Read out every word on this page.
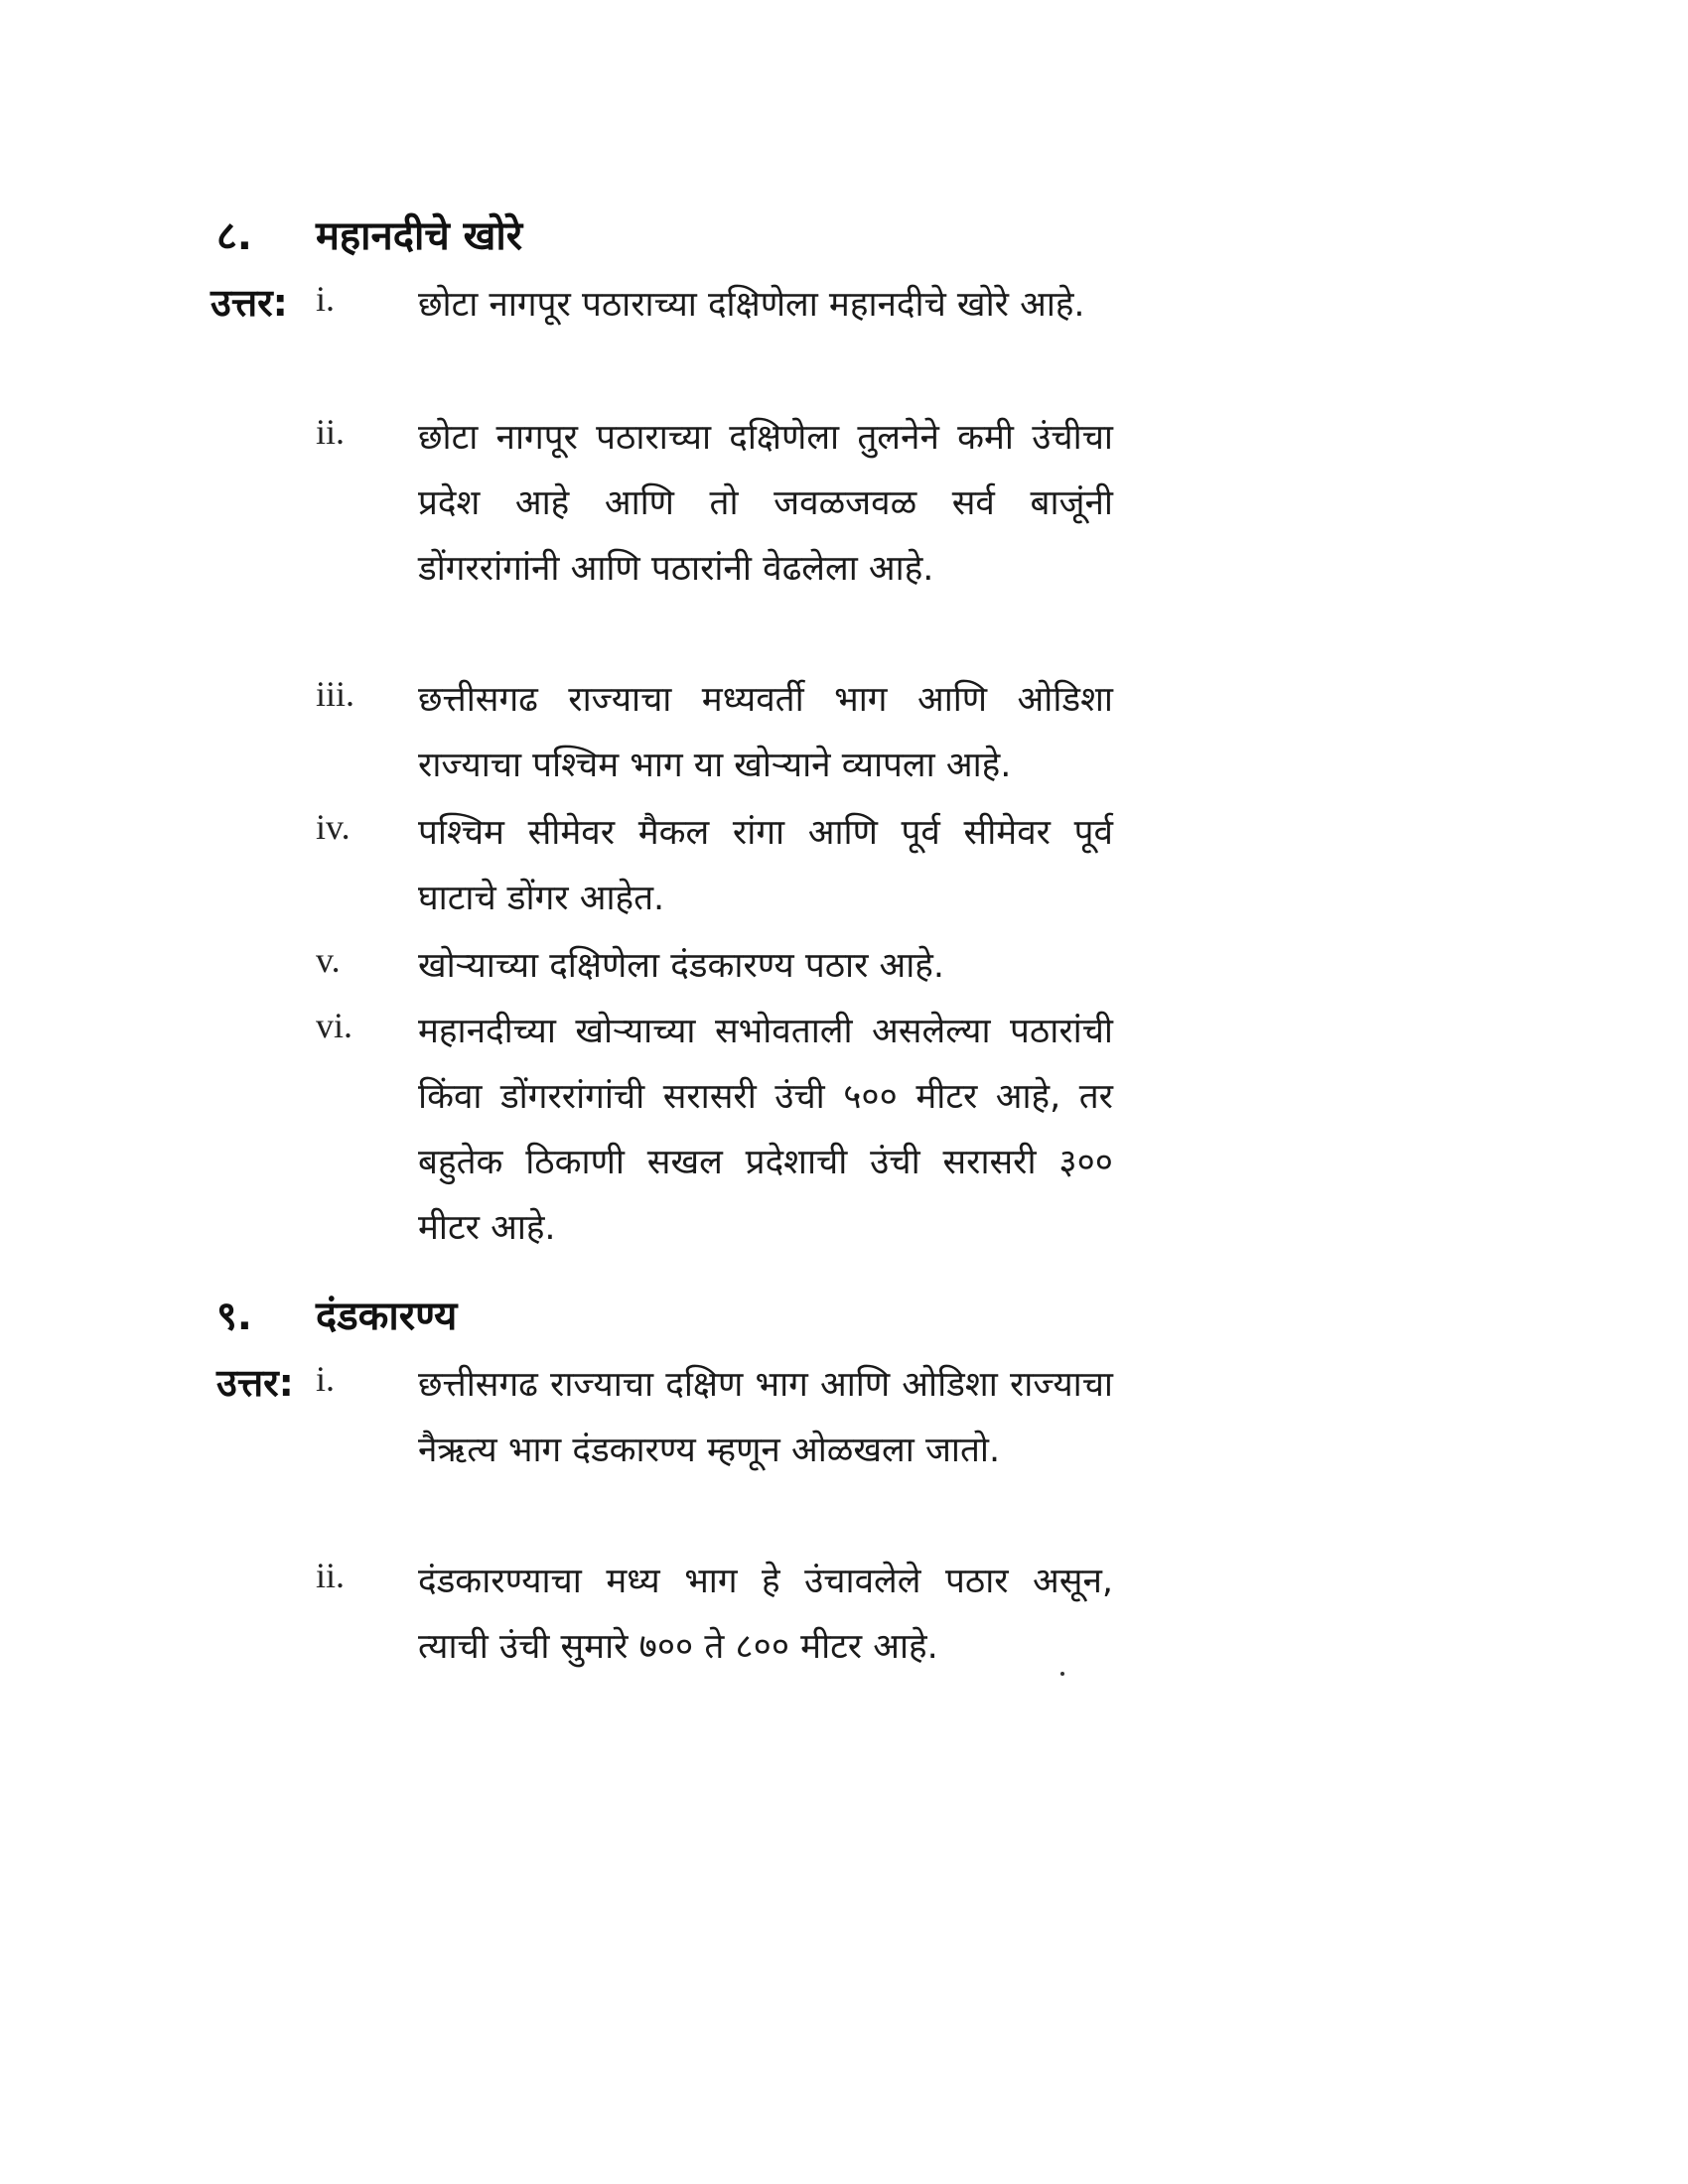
८.	महानदीचे खोरे
उत्तर: i. छोटा नागपूर पठाराच्या दक्षिणेला महानदीचे खोरे आहे.
ii. छोटा नागपूर पठाराच्या दक्षिणेला तुलनेने कमी उंचीचा प्रदेश आहे आणि तो जवळजवळ सर्व बाजूंनी डोंगररांगांनी आणि पठारांनी वेढलेला आहे.
iii. छत्तीसगढ राज्याचा मध्यवर्ती भाग आणि ओडिशा राज्याचा पश्चिम भाग या खोऱ्याने व्यापला आहे.
iv. पश्चिम सीमेवर मैकल रांगा आणि पूर्व सीमेवर पूर्व घाटाचे डोंगर आहेत.
v. खोऱ्याच्या दक्षिणेला दंडकारण्य पठार आहे.
vi. महानदीच्या खोऱ्याच्या सभोवताली असलेल्या पठारांची किंवा डोंगररांगांची सरासरी उंची ५०० मीटर आहे, तर बहुतेक ठिकाणी सखल प्रदेशाची उंची सरासरी ३०० मीटर आहे.
९.	दंडकारण्य
उत्तर: i. छत्तीसगढ राज्याचा दक्षिण भाग आणि ओडिशा राज्याचा नैऋत्य भाग दंडकारण्य म्हणून ओळखला जातो.
ii. दंडकारण्याचा मध्य भाग हे उंचावलेले पठार असून, त्याची उंची सुमारे ७०० ते ८०० मीटर आहे.
